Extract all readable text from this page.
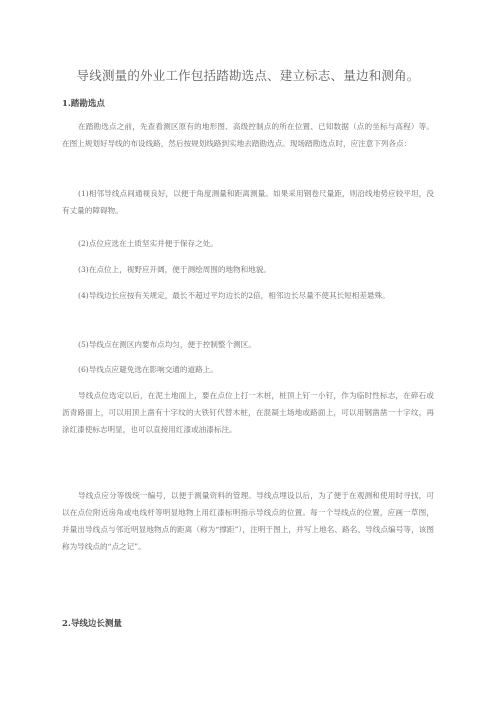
导线测量的外业工作包括踏勘选点、建立标志、量边和测角。
1.踏勘选点
在踏勘选点之前，先查看测区原有的地形图、高级控制点的所在位置、已知数据（点的坐标与高程）等。在图上规划好导线的布设线路，然后按规划线路到实地去踏勘选点。现场踏勘选点时，应注意下列各点：
(1)相邻导线点间通视良好，以便于角度测量和距离测量。如果采用钢卷尺量距，则沿线地势应较平坦，没有丈量的障碍物。
(2)点位应选在土质坚实并便于保存之处。
(3)在点位上，视野应开阔，便于测绘周围的地物和地貌。
(4)导线边长应按有关规定，最长不超过平均边长的2倍，相邻边长尽量不使其长短相差悬殊。
(5)导线点在测区内要布点均匀，便于控制整个测区。
(6)导线点应避免选在影响交通的道路上。
导线点位选定以后，在泥土地面上，要在点位上打一木桩，桩顶上钉一小钉，作为临时性标志，在碎石或沥青路面上，可以用顶上凿有十字纹的大铁钉代替木桩，在混凝土场地或路面上，可以用钢凿凿一十字纹，再涂红漆使标志明显，也可以直接用红漆或油漆标注。
导线点应分等级统一编号，以便于测量资料的管理。导线点埋设以后，为了便于在观测和使用时寻找，可以在点位附近房角或电线杆等明显地物上用红漆标明指示导线点的位置。每一个导线点的位置，应画一草图，并量出导线点与邻近明显地物点的距离（称为“撑距”），注明于图上，并写上地名、路名、导线点编号等，该图称为导线点的“点之记”。
2.导线边长测量
